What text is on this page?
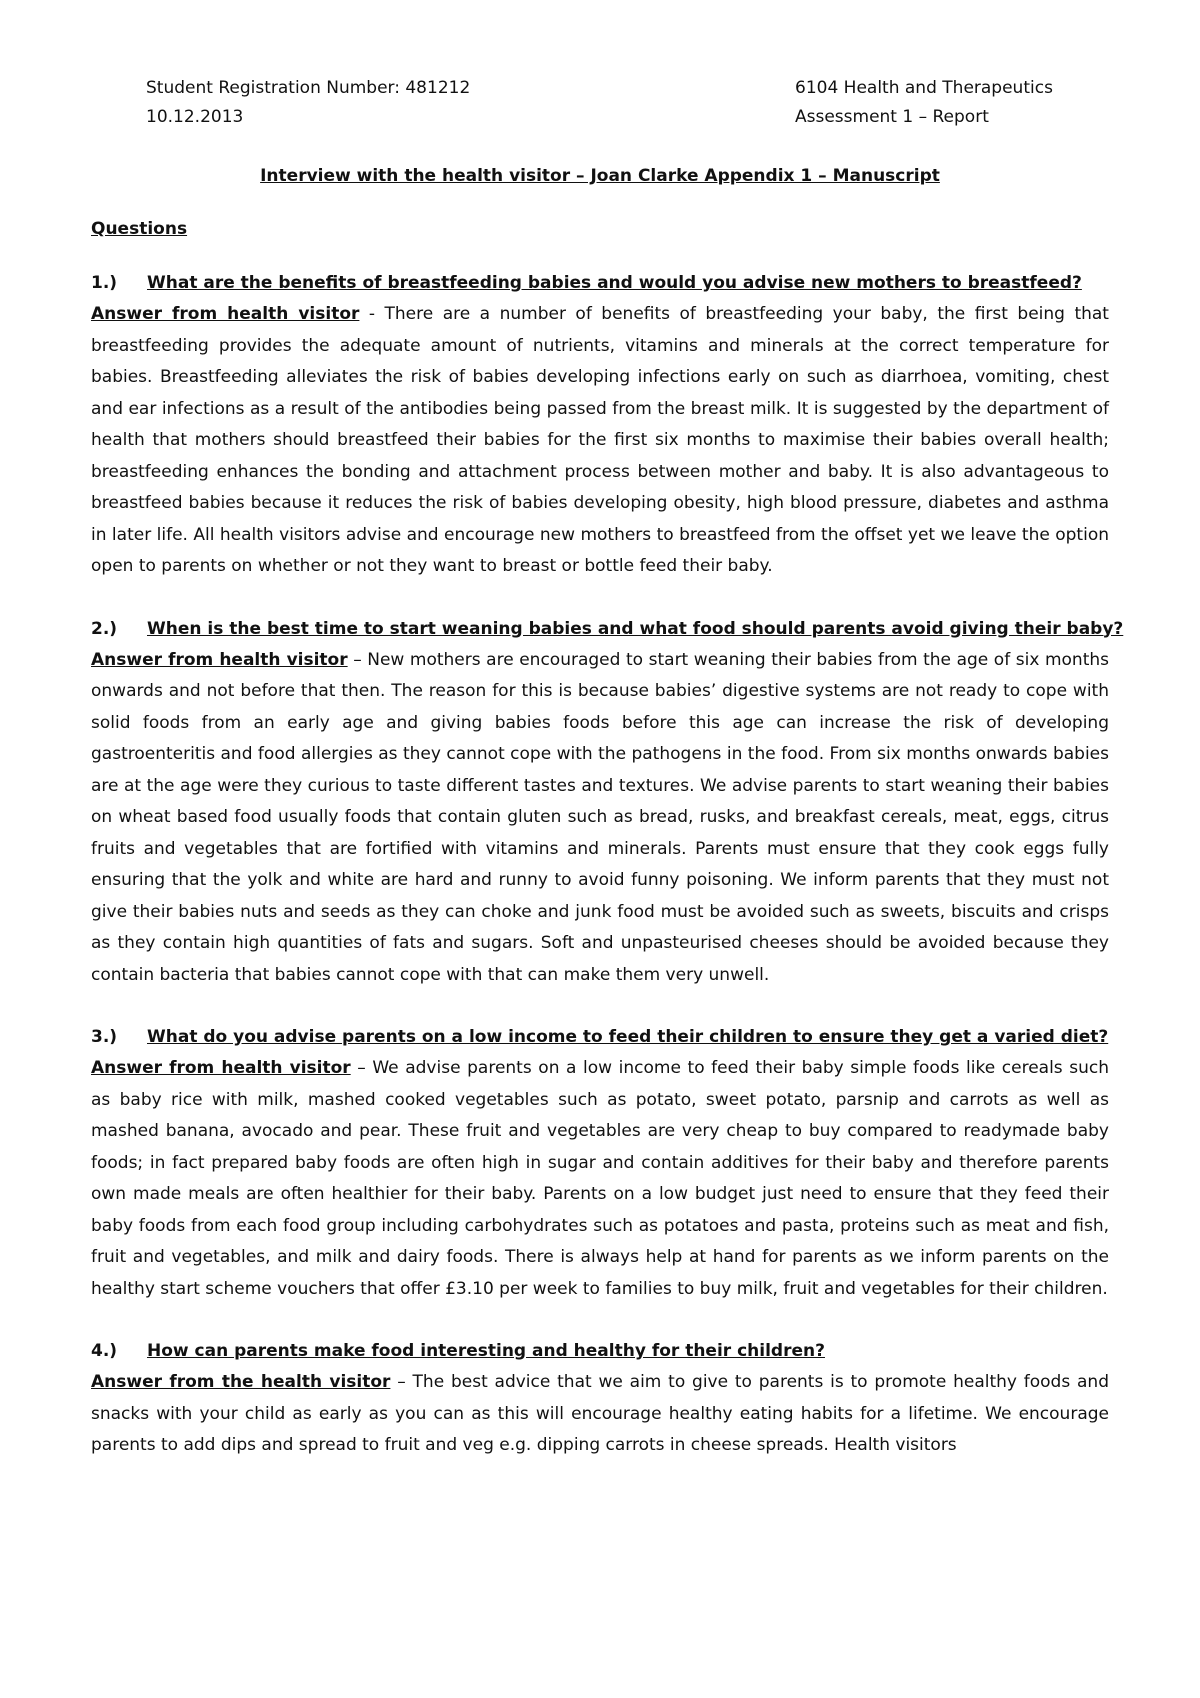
Student Registration Number: 481212
10.12.2013
6104 Health and Therapeutics
Assessment 1 – Report
Interview with the health visitor – Joan Clarke Appendix 1 – Manuscript
Questions
1.) What are the benefits of breastfeeding babies and would you advise new mothers to breastfeed?

Answer from health visitor - There are a number of benefits of breastfeeding your baby, the first being that breastfeeding provides the adequate amount of nutrients, vitamins and minerals at the correct temperature for babies. Breastfeeding alleviates the risk of babies developing infections early on such as diarrhoea, vomiting, chest and ear infections as a result of the antibodies being passed from the breast milk. It is suggested by the department of health that mothers should breastfeed their babies for the first six months to maximise their babies overall health; breastfeeding enhances the bonding and attachment process between mother and baby. It is also advantageous to breastfeed babies because it reduces the risk of babies developing obesity, high blood pressure, diabetes and asthma in later life. All health visitors advise and encourage new mothers to breastfeed from the offset yet we leave the option open to parents on whether or not they want to breast or bottle feed their baby.

2.) When is the best time to start weaning babies and what food should parents avoid giving their baby?

Answer from health visitor – New mothers are encouraged to start weaning their babies from the age of six months onwards and not before that then. The reason for this is because babies’ digestive systems are not ready to cope with solid foods from an early age and giving babies foods before this age can increase the risk of developing gastroenteritis and food allergies as they cannot cope with the pathogens in the food. From six months onwards babies are at the age were they curious to taste different tastes and textures. We advise parents to start weaning their babies on wheat based food usually foods that contain gluten such as bread, rusks, and breakfast cereals, meat, eggs, citrus fruits and vegetables that are fortified with vitamins and minerals. Parents must ensure that they cook eggs fully ensuring that the yolk and white are hard and runny to avoid funny poisoning. We inform parents that they must not give their babies nuts and seeds as they can choke and junk food must be avoided such as sweets, biscuits and crisps as they contain high quantities of fats and sugars. Soft and unpasteurised cheeses should be avoided because they contain bacteria that babies cannot cope with that can make them very unwell.

3.) What do you advise parents on a low income to feed their children to ensure they get a varied diet?

Answer from health visitor – We advise parents on a low income to feed their baby simple foods like cereals such as baby rice with milk, mashed cooked vegetables such as potato, sweet potato, parsnip and carrots as well as mashed banana, avocado and pear. These fruit and vegetables are very cheap to buy compared to readymade baby foods; in fact prepared baby foods are often high in sugar and contain additives for their baby and therefore parents own made meals are often healthier for their baby. Parents on a low budget just need to ensure that they feed their baby foods from each food group including carbohydrates such as potatoes and pasta, proteins such as meat and fish, fruit and vegetables, and milk and dairy foods. There is always help at hand for parents as we inform parents on the healthy start scheme vouchers that offer £3.10 per week to families to buy milk, fruit and vegetables for their children.

4.) How can parents make food interesting and healthy for their children?

Answer from the health visitor – The best advice that we aim to give to parents is to promote healthy foods and snacks with your child as early as you can as this will encourage healthy eating habits for a lifetime. We encourage parents to add dips and spread to fruit and veg e.g. dipping carrots in cheese spreads. Health visitors
